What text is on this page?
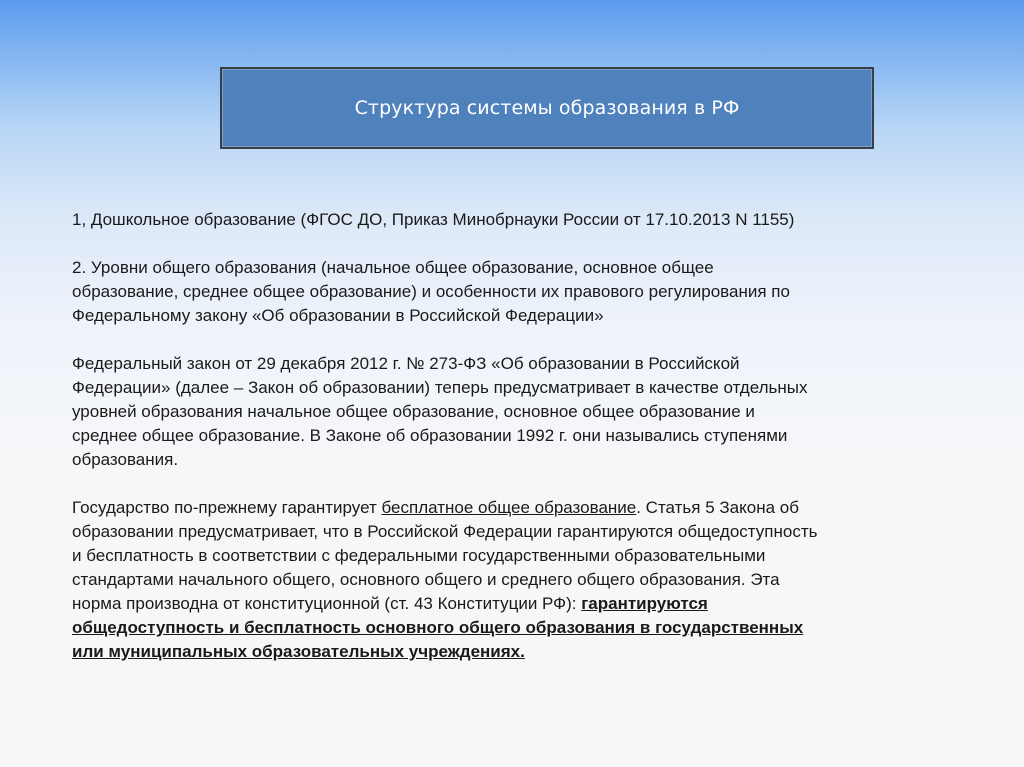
Структура системы образования в РФ

1, Дошкольное образование (ФГОС ДО, Приказ Минобрнауки России от 17.10.2013 N 1155)

2. Уровни общего образования (начальное общее образование, основное общее
образование, среднее общее образование) и особенности их правового регулирования по
Федеральному закону «Об образовании в Российской Федерации»

Федеральный закон от 29 декабря 2012 г. № 273-ФЗ «Об образовании в Российской
Федерации» (далее – Закон об образовании) теперь предусматривает в качестве отдельных
уровней образования начальное общее образование, основное общее образование и
среднее общее образование. В Законе об образовании 1992 г. они назывались ступенями
образования.

Государство по-прежнему гарантирует бесплатное общее образование. Статья 5 Закона об
образовании предусматривает, что в Российской Федерации гарантируются общедоступность
и бесплатность в соответствии с федеральными государственными образовательными
стандартами начального общего, основного общего и среднего общего образования. Эта
норма производна от конституционной (ст. 43 Конституции РФ): гарантируются
общедоступность и бесплатность основного общего образования в государственных
или муниципальных образовательных учреждениях.
